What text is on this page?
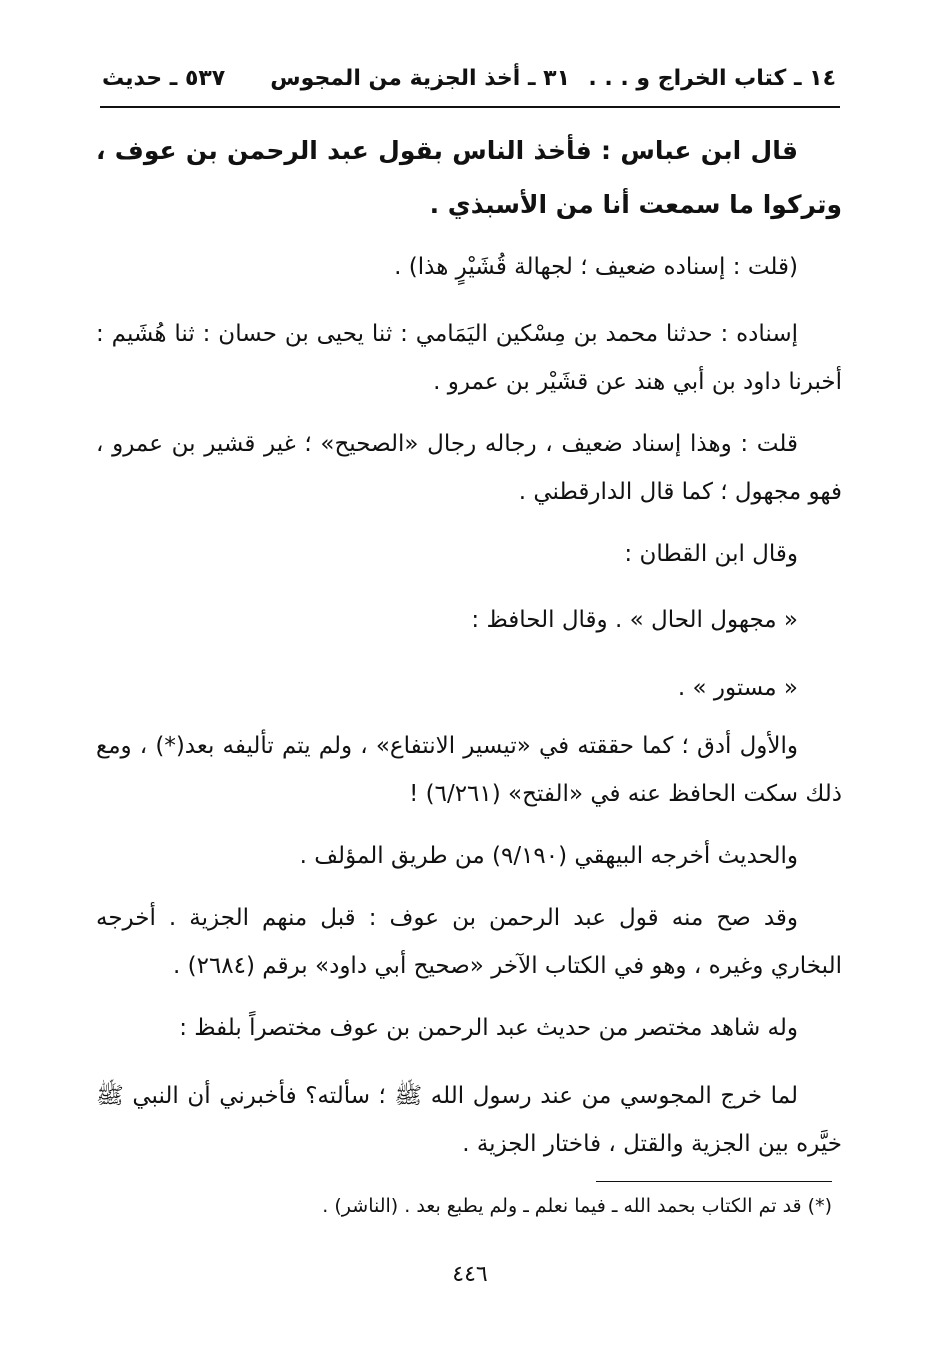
١٤ ـ كتاب الخراج و . . .
٣١ ـ أخذ الجزية من المجوس
٥٣٧ ـ حديث
قال ابن عباس : فأخذ الناس بقول عبد الرحمن بن عوف ، وتركوا ما سمعت أنا من الأسبذي .
(قلت : إسناده ضعيف ؛ لجهالة قُشَيْرٍ هذا) .
إسناده : حدثنا محمد بن مِسْكين اليَمَامي : ثنا يحيى بن حسان : ثنا هُشَيم : أخبرنا داود بن أبي هند عن قشَيْر بن عمرو .
قلت : وهذا إسناد ضعيف ، رجاله رجال «الصحيح» ؛ غير قشير بن عمرو ، فهو مجهول ؛ كما قال الدارقطني .
وقال ابن القطان :
« مجهول الحال » . وقال الحافظ :
« مستور » .
والأول أدق ؛ كما حققته في «تيسير الانتفاع» ، ولم يتم تأليفه بعد(*) ، ومع ذلك سكت الحافظ عنه في «الفتح» (٦/٢٦١) !
والحديث أخرجه البيهقي (٩/١٩٠) من طريق المؤلف .
وقد صح منه قول عبد الرحمن بن عوف : قبل منهم الجزية . أخرجه البخاري وغيره ، وهو في الكتاب الآخر «صحيح أبي داود» برقم (٢٦٨٤) .
وله شاهد مختصر من حديث عبد الرحمن بن عوف مختصراً بلفظ :
لما خرج المجوسي من عند رسول الله ﷺ ؛ سألته؟ فأخبرني أن النبي ﷺ خيَّره بين الجزية والقتل ، فاختار الجزية .
(*) قد تم الكتاب بحمد الله ـ فيما نعلم ـ ولم يطبع بعد . (الناشر) .
٤٤٦
